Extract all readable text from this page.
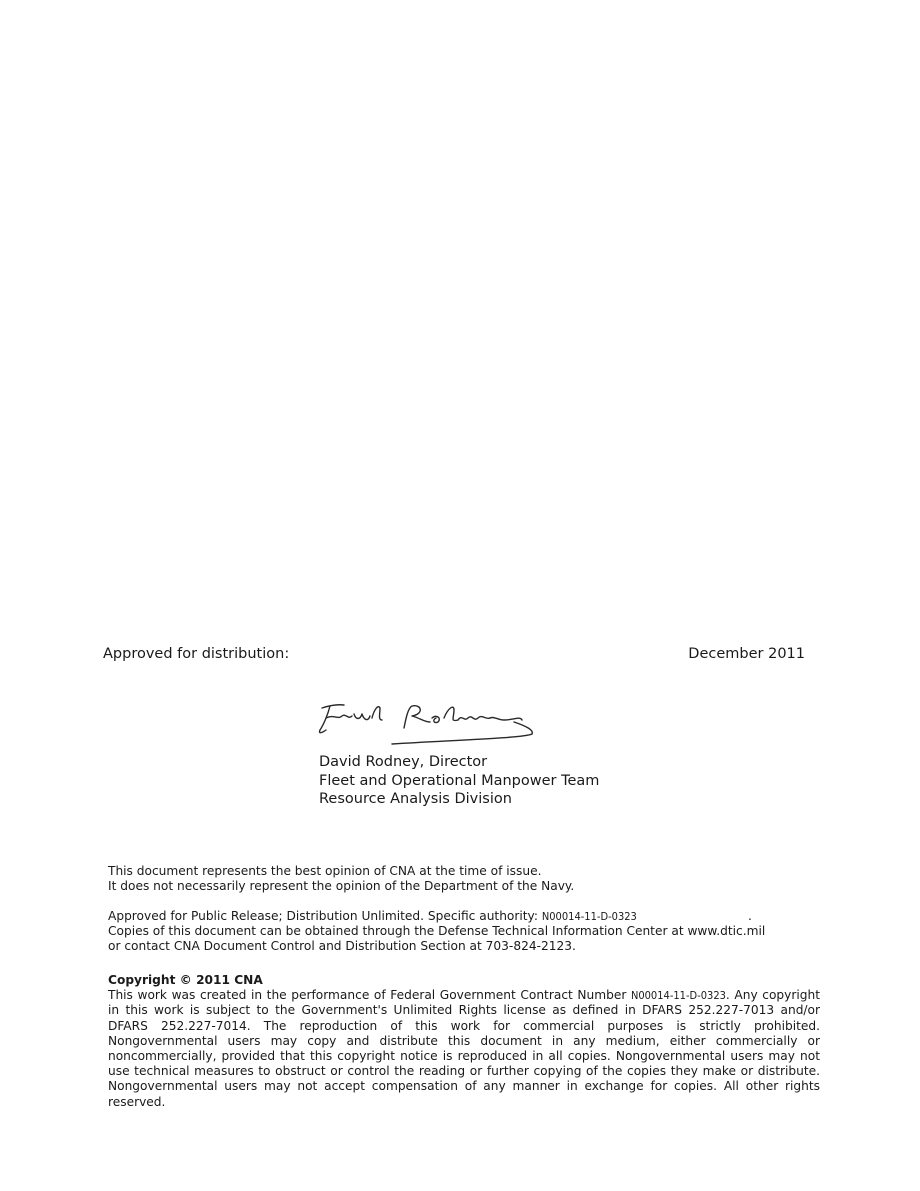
Approved for distribution:	December 2011
David Rodney, Director
Fleet and Operational Manpower Team
Resource Analysis Division
This document represents the best opinion of CNA at the time of issue.
It does not necessarily represent the opinion of the Department of the Navy.
Approved for Public Release; Distribution Unlimited. Specific authority: N00014-11-D-0323	.
Copies of this document can be obtained through the Defense Technical Information Center at www.dtic.mil
or contact CNA Document Control and Distribution Section at 703-824-2123.
Copyright © 2011 CNA
This work was created in the performance of Federal Government Contract Number N00014-11-D-0323. Any copyright in this work is subject to the Government's Unlimited Rights license as defined in DFARS 252.227-7013 and/or DFARS 252.227-7014. The reproduction of this work for commercial purposes is strictly prohibited. Nongovernmental users may copy and distribute this document in any medium, either commercially or noncommercially, provided that this copyright notice is reproduced in all copies. Nongovernmental users may not use technical measures to obstruct or control the reading or further copying of the copies they make or distribute. Nongovernmental users may not accept compensation of any manner in exchange for copies. All other rights reserved.
